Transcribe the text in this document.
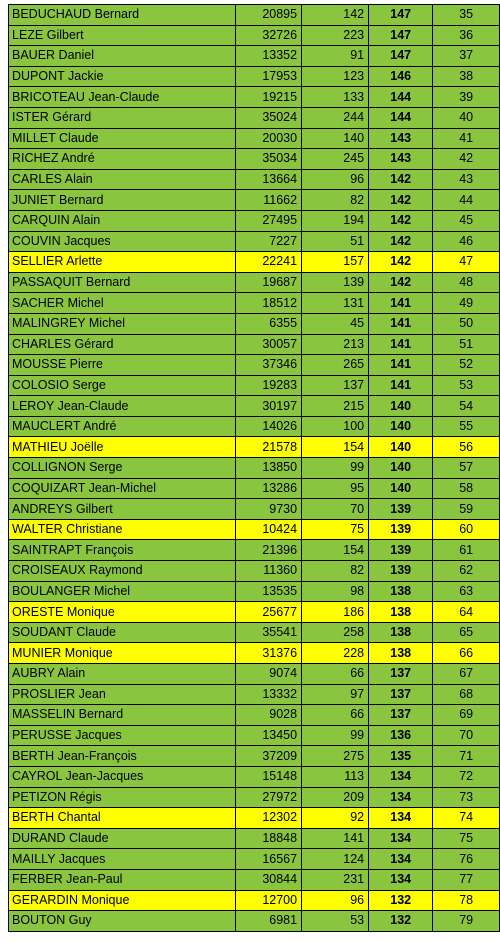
BEDUCHAUD Bernard	20895	142	147	35
LEZE Gilbert	32726	223	147	36
BAUER Daniel	13352	91	147	37
DUPONT Jackie	17953	123	146	38
BRICOTEAU Jean-Claude	19215	133	144	39
ISTER Gérard	35024	244	144	40
MILLET Claude	20030	140	143	41
RICHEZ André	35034	245	143	42
CARLES Alain	13664	96	142	43
JUNIET Bernard	11662	82	142	44
CARQUIN Alain	27495	194	142	45
COUVIN Jacques	7227	51	142	46
SELLIER Arlette	22241	157	142	47
PASSAQUIT Bernard	19687	139	142	48
SACHER Michel	18512	131	141	49
MALINGREY Michel	6355	45	141	50
CHARLES Gérard	30057	213	141	51
MOUSSE Pierre	37346	265	141	52
COLOSIO Serge	19283	137	141	53
LEROY Jean-Claude	30197	215	140	54
MAUCLERT André	14026	100	140	55
MATHIEU Joëlle	21578	154	140	56
COLLIGNON Serge	13850	99	140	57
COQUIZART Jean-Michel	13286	95	140	58
ANDREYS Gilbert	9730	70	139	59
WALTER Christiane	10424	75	139	60
SAINTRAPT François	21396	154	139	61
CROISEAUX Raymond	11360	82	139	62
BOULANGER Michel	13535	98	138	63
ORESTE Monique	25677	186	138	64
SOUDANT Claude	35541	258	138	65
MUNIER Monique	31376	228	138	66
AUBRY Alain	9074	66	137	67
PROSLIER Jean	13332	97	137	68
MASSELIN Bernard	9028	66	137	69
PERUSSE Jacques	13450	99	136	70
BERTH Jean-François	37209	275	135	71
CAYROL Jean-Jacques	15148	113	134	72
PETIZON Régis	27972	209	134	73
BERTH Chantal	12302	92	134	74
DURAND Claude	18848	141	134	75
MAILLY Jacques	16567	124	134	76
FERBER Jean-Paul	30844	231	134	77
GERARDIN Monique	12700	96	132	78
BOUTON Guy	6981	53	132	79
